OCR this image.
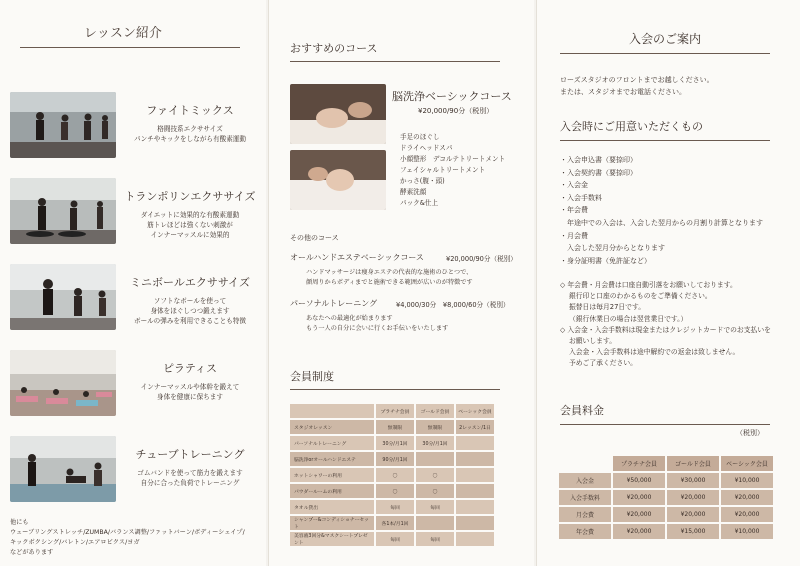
レッスン紹介
ファイトミックス
格闘技系エクササイズ
パンチやキックをしながら有酸素運動
トランポリンエクササイズ
ダイエットに効果的な有酸素運動
筋トレほどは強くない刺激が
インナーマッスルに効果的
ミニボールエクササイズ
ソフトなボールを使って
身体をほぐしつつ鍛えます
ボールの弾みを利用できることも特徴
ピラティス
インナーマッスルや体幹を鍛えて
身体を健康に保ちます
チューブトレーニング
ゴムバンドを使って筋力を鍛えます
自分に合った負荷でトレーニング
他にも
ウェーブリングストレッチ/ZUMBA/バランス調整/ファットバーン/ボディーシェイプ/
キックボクシング/バレトン/エアロビクス/ヨガ
などがあります
おすすめのコース
脳洗浄ベーシックコース
¥20,000/90分（税別）
手足のほぐし
ドライヘッドスパ
小顔整形　デコルテトリートメント
フェイシャルトリートメント
かっさ(腹・頭)
酵素洗顔
パック&仕上
その他のコース
オールハンドエステベーシックコース	¥20,000/90分（税別）
ハンドマッサージは痩身エステの代表的な施術のひとつで、
顔周りからボディまでと施術できる範囲が広いのが特徴です
パーソナルトレーニング	¥4,000/30分　¥8,000/60分（税別）
あなたへの最適化が始まります
もう一人の自分に会いに行くお手伝いをいたします
会員制度
	プラチナ会員	ゴールド会員	ベーシック会員
スタジオレッスン	無制限	無制限	2レッスン/1日
パーソナルトレーニング	30分/月1回	30分/月1回	
脳洗浄orオールハンドエステ	90分/月1回		
ホットシャワーの利用	〇	〇	
パウダールームの利用	〇	〇	
タオル貸出	毎回	毎回	
シャンプー&コンディショナーセット	各1本/月1回		
美容液3回分&マスクシートプレゼント	毎回	毎回	
入会のご案内
ローズスタジオのフロントまでお越しください。
または、スタジオまでお電話ください。
入会時にご用意いただくもの
・入会申込書（要捺印）
・入会契約書（要捺印）
・入会金
・入会手数料
・年会費
　年途中での入会は、入会した翌月からの月割り計算となります
・月会費
　入会した翌月分からとなります
・身分証明書（免許証など）
◇ 年会費・月会費は口座自動引落をお願いしております。
　 銀行印と口座のわかるものをご準備ください。
　 振替日は毎月27日です。
　 （銀行休業日の場合は翌営業日です。）
◇ 入会金・入会手数料は現金またはクレジットカードでのお支払いを
　 お願いします。
　 入会金・入会手数料は途中解約での返金は致しません。
　 予めご了承ください。
会員料金
（税別）
	プラチナ会員	ゴールド会員	ベーシック会員
入会金	¥50,000	¥30,000	¥10,000
入会手数料	¥20,000	¥20,000	¥20,000
月会費	¥20,000	¥20,000	¥20,000
年会費	¥20,000	¥15,000	¥10,000
